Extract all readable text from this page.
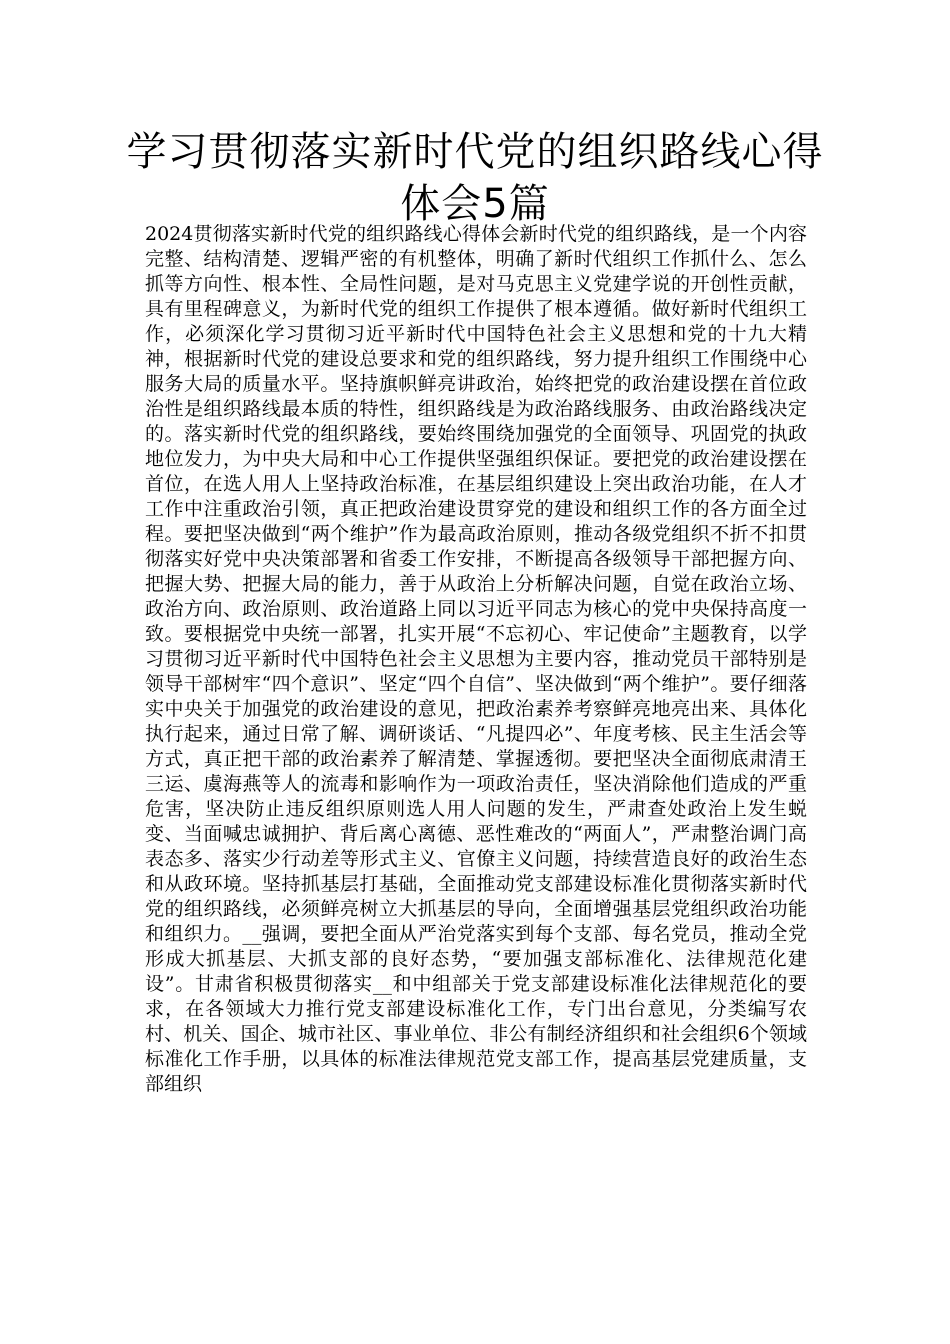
学习贯彻落实新时代党的组织路线心得体会5篇

2024贯彻落实新时代党的组织路线心得体会新时代党的组织路线，是一个内容完整、结构清楚、逻辑严密的有机整体，明确了新时代组织工作抓什么、怎么抓等方向性、根本性、全局性问题，是对马克思主义党建学说的开创性贡献，具有里程碑意义，为新时代党的组织工作提供了根本遵循。做好新时代组织工作，必须深化学习贯彻习近平新时代中国特色社会主义思想和党的十九大精神，根据新时代党的建设总要求和党的组织路线，努力提升组织工作围绕中心服务大局的质量水平。坚持旗帜鲜亮讲政治，始终把党的政治建设摆在首位政治性是组织路线最本质的特性，组织路线是为政治路线服务、由政治路线决定的。落实新时代党的组织路线，要始终围绕加强党的全面领导、巩固党的执政地位发力，为中央大局和中心工作提供坚强组织保证。要把党的政治建设摆在首位，在选人用人上坚持政治标准，在基层组织建设上突出政治功能，在人才工作中注重政治引领，真正把政治建设贯穿党的建设和组织工作的各方面全过程。要把坚决做到“两个维护”作为最高政治原则，推动各级党组织不折不扣贯彻落实好党中央决策部署和省委工作安排，不断提高各级领导干部把握方向、把握大势、把握大局的能力，善于从政治上分析解决问题，自觉在政治立场、政治方向、政治原则、政治道路上同以习近平同志为核心的党中央保持高度一致。要根据党中央统一部署，扎实开展“不忘初心、牢记使命”主题教育，以学习贯彻习近平新时代中国特色社会主义思想为主要内容，推动党员干部特别是领导干部树牢“四个意识”、坚定“四个自信”、坚决做到“两个维护”。要仔细落实中央关于加强党的政治建设的意见，把政治素养考察鲜亮地亮出来、具体化执行起来，通过日常了解、调研谈话、“凡提四必”、年度考核、民主生活会等方式，真正把干部的政治素养了解清楚、掌握透彻。要把坚决全面彻底肃清王三运、虞海燕等人的流毒和影响作为一项政治责任，坚决消除他们造成的严重危害，坚决防止违反组织原则选人用人问题的发生，严肃查处政治上发生蜕变、当面喊忠诚拥护、背后离心离德、恶性难改的“两面人”，严肃整治调门高表态多、落实少行动差等形式主义、官僚主义问题，持续营造良好的政治生态和从政环境。坚持抓基层打基础，全面推动党支部建设标准化贯彻落实新时代党的组织路线，必须鲜亮树立大抓基层的导向，全面增强基层党组织政治功能和组织力。__强调，要把全面从严治党落实到每个支部、每名党员，推动全党形成大抓基层、大抓支部的良好态势，“要加强支部标准化、法律规范化建设”。甘肃省积极贯彻落实__和中组部关于党支部建设标准化法律规范化的要求，在各领域大力推行党支部建设标准化工作，专门出台意见，分类编写农村、机关、国企、城市社区、事业单位、非公有制经济组织和社会组织6个领域标准化工作手册，以具体的标准法律规范党支部工作，提高基层党建质量，支部组织
